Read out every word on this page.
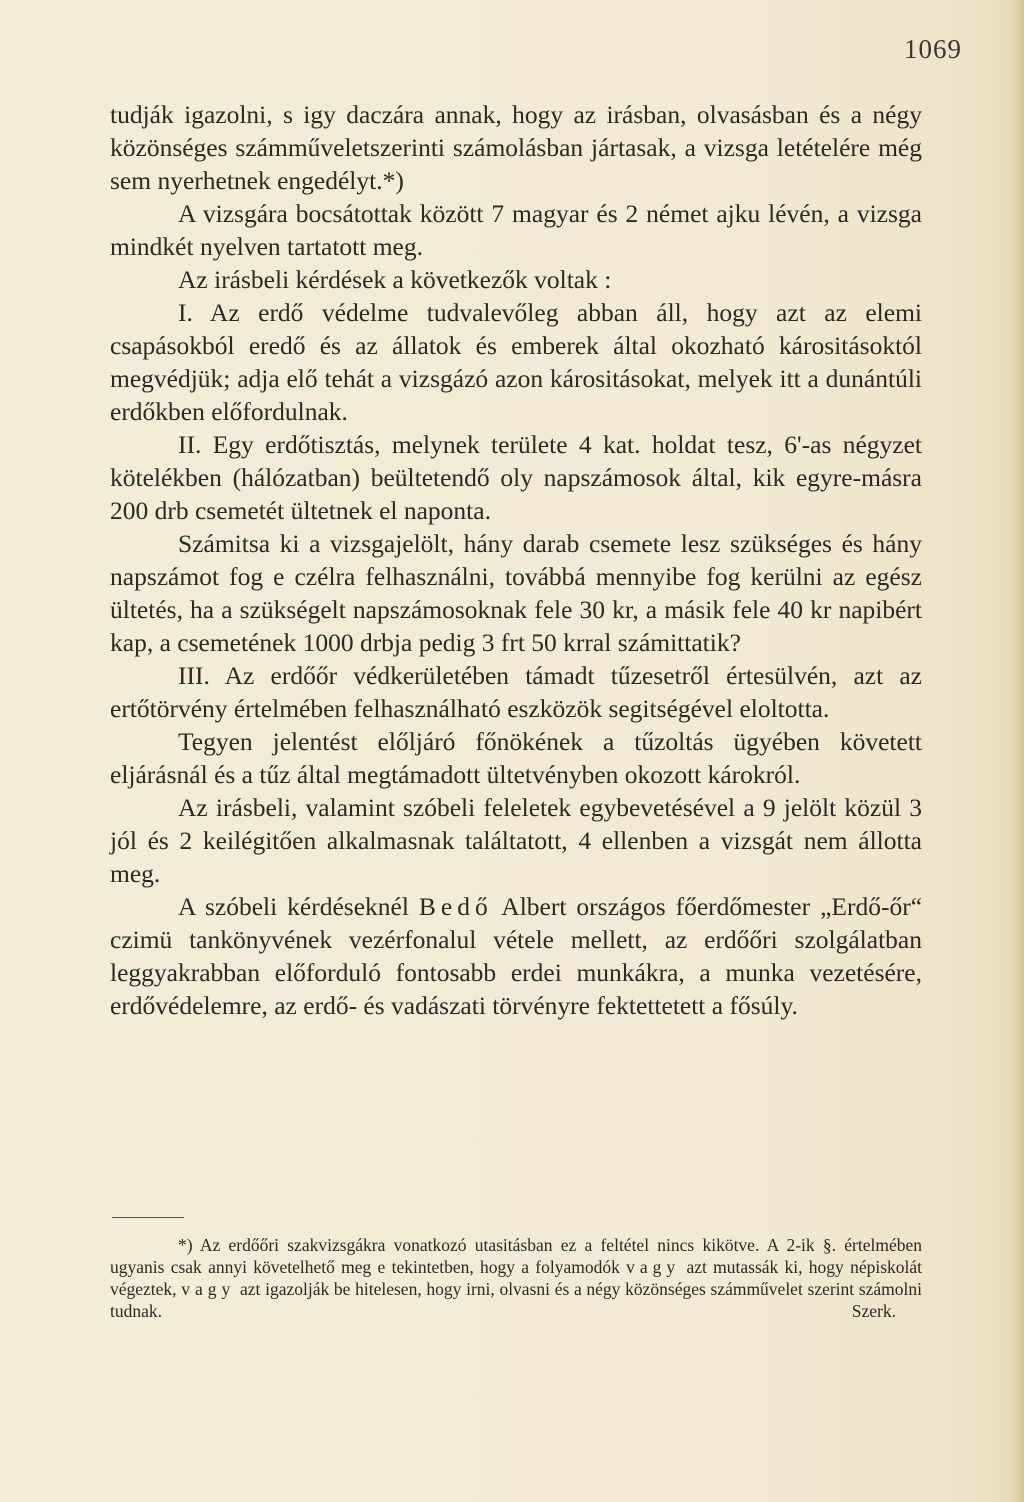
1069

tudják igazolni, s igy daczára annak, hogy az irásban, olvasásban és a négy közönséges számműveletszerinti számolásban jártasak, a vizsga letételére még sem nyerhetnek engedélyt.*)

A vizsgára bocsátottak között 7 magyar és 2 német ajku lévén, a vizsga mindkét nyelven tartatott meg.

Az irásbeli kérdések a következők voltak :

I. Az erdő védelme tudvalevőleg abban áll, hogy azt az elemi csapásokból eredő és az állatok és emberek által okozható kárositásoktól megvédjük; adja elő tehát a vizsgázó azon kárositásokat, melyek itt a dunántúli erdőkben előfordulnak.

II. Egy erdőtisztás, melynek területe 4 kat. holdat tesz, 6'-as négyzet kötelékben (hálózatban) beültetendő oly napszámosok által, kik egyre-másra 200 drb csemetét ültetnek el naponta.

Számitsa ki a vizsgajelölt, hány darab csemete lesz szükséges és hány napszámot fog e czélra felhasználni, továbbá mennyibe fog kerülni az egész ültetés, ha a szükségelt napszámosoknak fele 30 kr, a másik fele 40 kr napibért kap, a csemetének 1000 drbja pedig 3 frt 50 krral számittatik?

III. Az erdőőr védkerületében támadt tűzesetről értesülvén, azt az ertőtörvény értelmében felhasználható eszközök segitségével eloltotta.

Tegyen jelentést előljáró főnökének a tűzoltás ügyében követett eljárásnál és a tűz által megtámadott ültetvényben okozott károkról.

Az irásbeli, valamint szóbeli feleletek egybevetésével a 9 jelölt közül 3 jól és 2 keilégitően alkalmasnak találtatott, 4 ellenben a vizsgát nem állotta meg.

A szóbeli kérdéseknél Bedő Albert országos főerdőmester „Erdő-őr“ czimü tankönyvének vezérfonalul vétele mellett, az erdőőri szolgálatban leggyakrabban előforduló fontosabb erdei munkákra, a munka vezetésére, erdővédelemre, az erdő- és vadászati törvényre fektettetett a fősúly.

*) Az erdőőri szakvizsgákra vonatkozó utasitásban ez a feltétel nincs kikötve. A 2-ik §. értelmében ugyanis csak annyi követelhető meg e tekintetben, hogy a folyamodók vagy azt mutassák ki, hogy népiskolát végeztek, vagy azt igazolják be hitelesen, hogy irni, olvasni és a négy közönséges számművelet szerint számolni tudnak.	Szerk.
